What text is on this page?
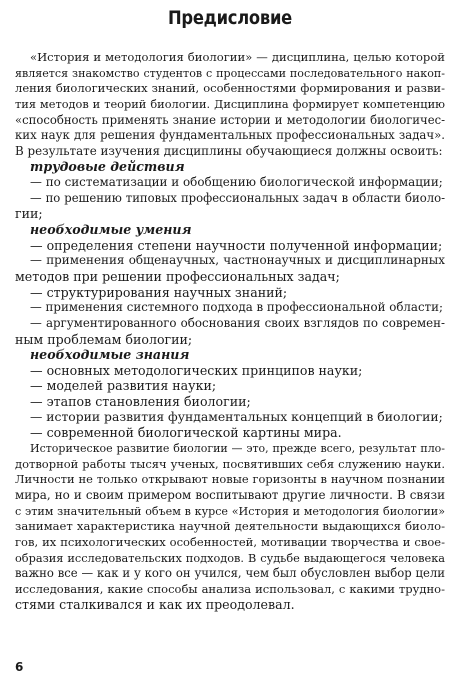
Предисловие
«История и методология биологии» — дисциплина, целью которой
является знакомство студентов с процессами последовательного накоп-
ления биологических знаний, особенностями формирования и разви-
тия методов и теорий биологии. Дисциплина формирует компетенцию
«способность применять знание истории и методологии биологичес-
ких наук для решения фундаментальных профессиональных задач».
В результате изучения дисциплины обучающиеся должны освоить:
трудовые действия
— по систематизации и обобщению биологической информации;
— по решению типовых профессиональных задач в области биоло-
гии;
необходимые умения
— определения степени научности полученной информации;
— применения общенаучных, частнонаучных и дисциплинарных
методов при решении профессиональных задач;
— структурирования научных знаний;
— применения системного подхода в профессиональной области;
— аргументированного обоснования своих взглядов по современ-
ным проблемам биологии;
необходимые знания
— основных методологических принципов науки;
— моделей развития науки;
— этапов становления биологии;
— истории развития фундаментальных концепций в биологии;
— современной биологической картины мира.
Историческое развитие биологии — это, прежде всего, результат пло-
дотворной работы тысяч ученых, посвятивших себя служению науки.
Личности не только открывают новые горизонты в научном познании
мира, но и своим примером воспитывают другие личности. В связи
с этим значительный объем в курсе «История и методология биологии»
занимает характеристика научной деятельности выдающихся биоло-
гов, их психологических особенностей, мотивации творчества и свое-
образия исследовательских подходов. В судьбе выдающегося человека
важно все — как и у кого он учился, чем был обусловлен выбор цели
исследования, какие способы анализа использовал, с какими трудно-
стями сталкивался и как их преодолевал.
6
